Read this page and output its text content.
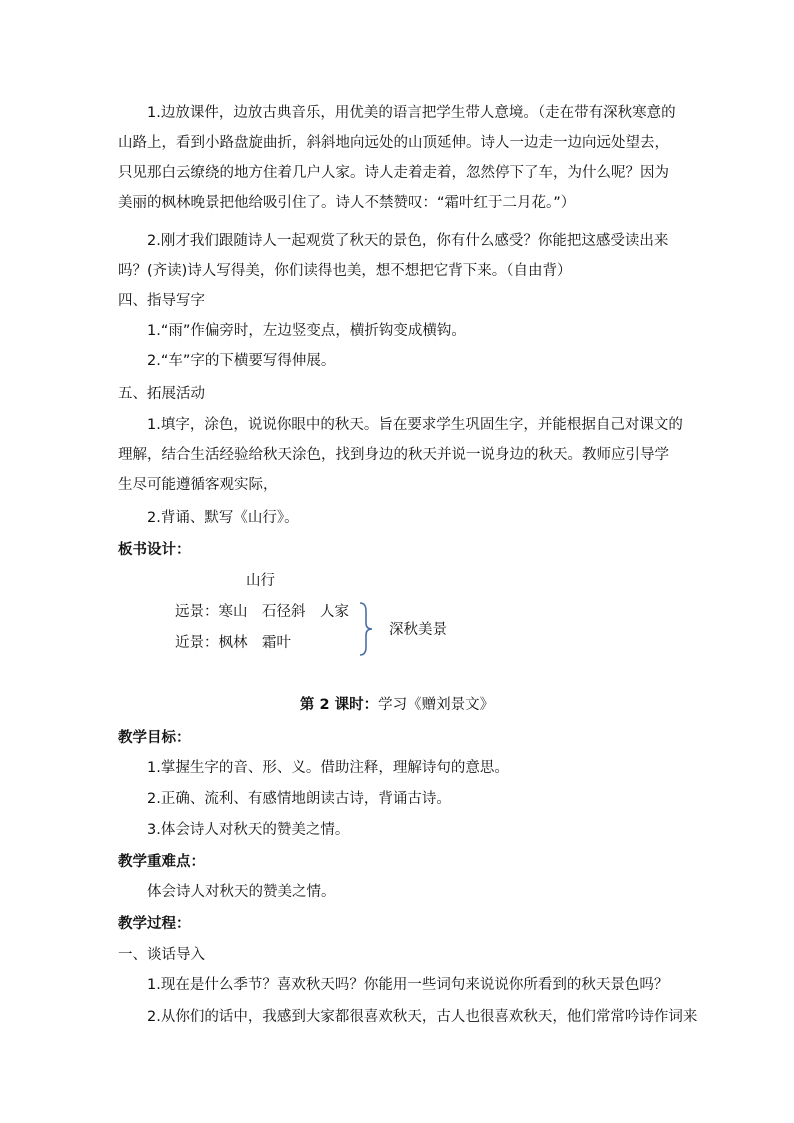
1.边放课件，边放古典音乐，用优美的语言把学生带人意境。（走在带有深秋寒意的山路上，看到小路盘旋曲折，斜斜地向远处的山顶延伸。诗人一边走一边向远处望去，只见那白云缭绕的地方住着几户人家。诗人走着走着，忽然停下了车，为什么呢？因为美丽的枫林晚景把他给吸引住了。诗人不禁赞叹：“霜叶红于二月花。”）

2.刚才我们跟随诗人一起观赏了秋天的景色，你有什么感受？你能把这感受读出来吗？(齐读)诗人写得美，你们读得也美，想不想把它背下来。（自由背）

四、指导写字

1.“雨”作偏旁时，左边竖变点，横折钩变成横钩。

2.“车”字的下横要写得伸展。

五、拓展活动

1.填字，涂色，说说你眼中的秋天。旨在要求学生巩固生字，并能根据自己对课文的理解，结合生活经验给秋天涂色，找到身边的秋天并说一说身边的秋天。教师应引导学生尽可能遵循客观实际，

2.背诵、默写《山行》。

板书设计：

山行
远景：寒山　石径斜　人家
近景：枫林　霜叶
深秋美景
第 2 课时：学习《赠刘景文》

教学目标：

1.掌握生字的音、形、义。借助注释，理解诗句的意思。

2.正确、流利、有感情地朗读古诗，背诵古诗。

3.体会诗人对秋天的赞美之情。

教学重难点：

体会诗人对秋天的赞美之情。

教学过程：

一、谈话导入

1.现在是什么季节？喜欢秋天吗？你能用一些词句来说说你所看到的秋天景色吗？

2.从你们的话中，我感到大家都很喜欢秋天，古人也很喜欢秋天，他们常常吟诗作词来
